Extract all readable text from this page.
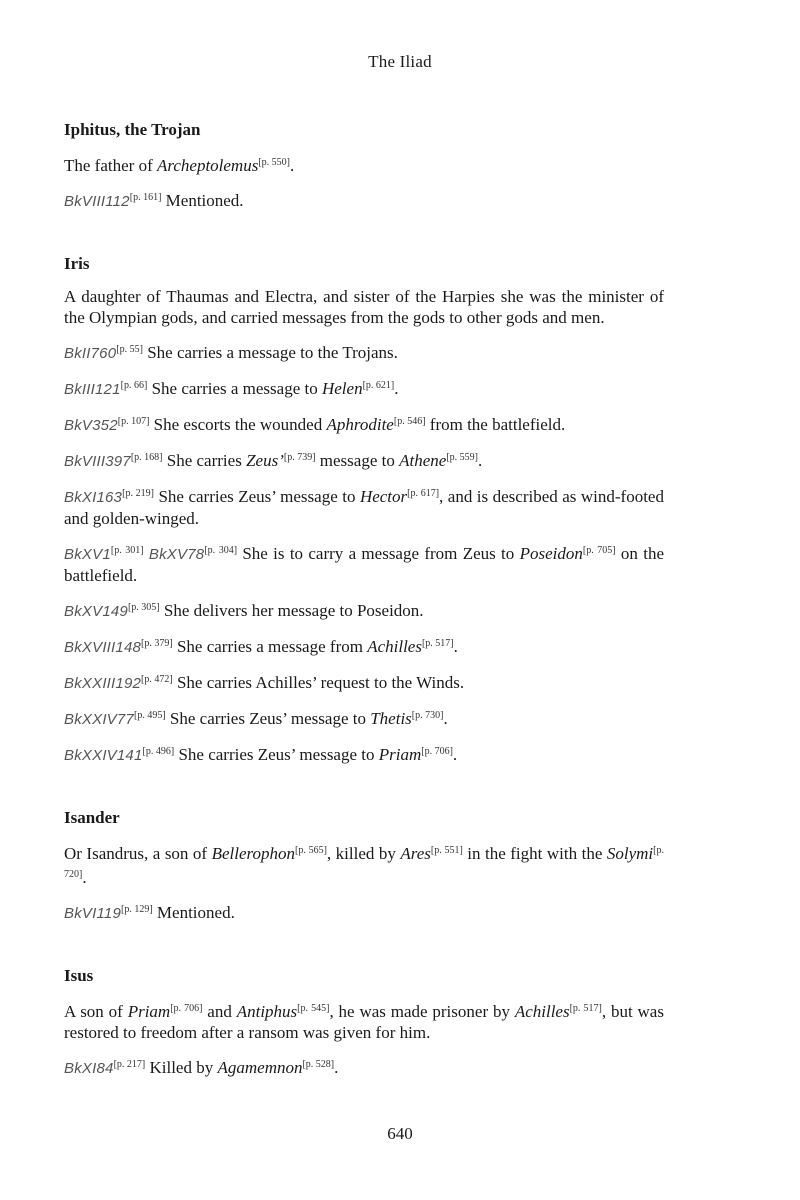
The Iliad
Iphitus, the Trojan

The father of Archeptolemus[p. 550].

BkVIII112[p. 161] Mentioned.

Iris

A daughter of Thaumas and Electra, and sister of the Harpies she was the minister of the Olympian gods, and carried messages from the gods to other gods and men.

BkII760[p. 55] She carries a message to the Trojans.

BkIII121[p. 66] She carries a message to Helen[p. 621].

BkV352[p. 107] She escorts the wounded Aphrodite[p. 546] from the battlefield.

BkVIII397[p. 168] She carries Zeus’[p. 739] message to Athene[p. 559].

BkXI163[p. 219] She carries Zeus’ message to Hector[p. 617], and is described as wind-footed and golden-winged.

BkXV1[p. 301] BkXV78[p. 304] She is to carry a message from Zeus to Poseidon[p. 705] on the battlefield.

BkXV149[p. 305] She delivers her message to Poseidon.

BkXVIII148[p. 379] She carries a message from Achilles[p. 517].

BkXXIII192[p. 472] She carries Achilles’ request to the Winds.

BkXXIV77[p. 495] She carries Zeus’ message to Thetis[p. 730].

BkXXIV141[p. 496] She carries Zeus’ message to Priam[p. 706].

Isander

Or Isandrus, a son of Bellerophon[p. 565], killed by Ares[p. 551] in the fight with the Solymi[p. 720].

BkVI119[p. 129] Mentioned.

Isus

A son of Priam[p. 706] and Antiphus[p. 545], he was made prisoner by Achilles[p. 517], but was restored to freedom after a ransom was given for him.

BkXI84[p. 217] Killed by Agamemnon[p. 528].

640
